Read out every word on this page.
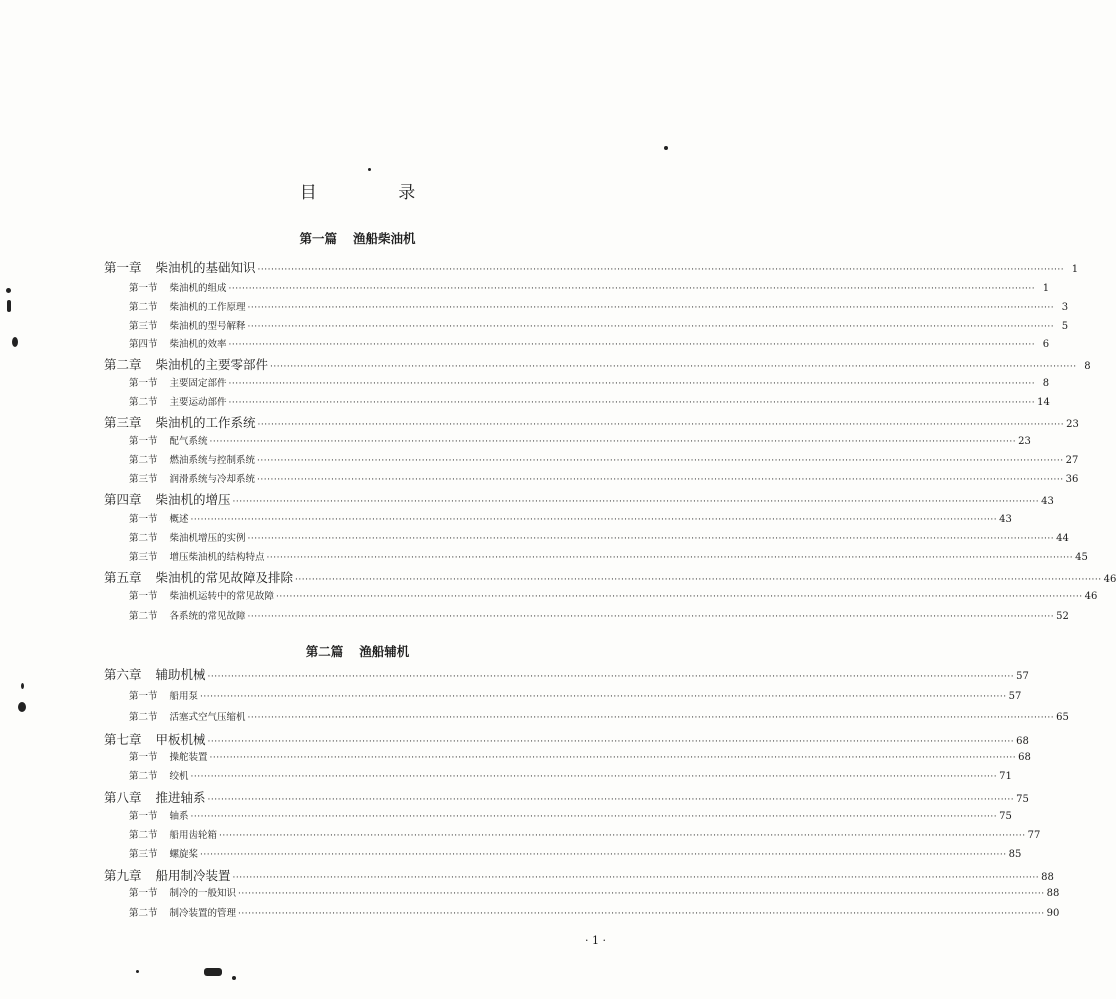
目 录
第一篇 渔船柴油机
第二篇 渔船辅机
第一章 柴油机的基础知识 ················································································································································································································································ 1
第一节 柴油机的组成 ················································································································································································································································ 1
第二节 柴油机的工作原理 ················································································································································································································································ 3
第三节 柴油机的型号解释 ················································································································································································································································ 5
第四节 柴油机的效率 ················································································································································································································································ 6
第二章 柴油机的主要零部件 ················································································································································································································································ 8
第一节 主要固定部件 ················································································································································································································································ 8
第二节 主要运动部件 ················································································································································································································································ 14
第三章 柴油机的工作系统 ················································································································································································································································ 23
第一节 配气系统 ················································································································································································································································ 23
第二节 燃油系统与控制系统 ················································································································································································································································ 27
第三节 润滑系统与冷却系统 ················································································································································································································································ 36
第四章 柴油机的增压 ················································································································································································································································ 43
第一节 概述 ················································································································································································································································ 43
第二节 柴油机增压的实例 ················································································································································································································································ 44
第三节 增压柴油机的结构特点 ················································································································································································································································ 45
第五章 柴油机的常见故障及排除 ················································································································································································································································ 46
第一节 柴油机运转中的常见故障 ················································································································································································································································ 46
第二节 各系统的常见故障 ················································································································································································································································ 52
第六章 辅助机械 ················································································································································································································································ 57
第一节 船用泵 ················································································································································································································································ 57
第二节 活塞式空气压缩机 ················································································································································································································································ 65
第七章 甲板机械 ················································································································································································································································ 68
第一节 操舵装置 ················································································································································································································································ 68
第二节 绞机 ················································································································································································································································ 71
第八章 推进轴系 ················································································································································································································································ 75
第一节 轴系 ················································································································································································································································ 75
第二节 船用齿轮箱 ················································································································································································································································ 77
第三节 螺旋桨 ················································································································································································································································ 85
第九章 船用制冷装置 ················································································································································································································································ 88
第一节 制冷的一般知识 ················································································································································································································································ 88
第二节 制冷装置的管理 ················································································································································································································································ 90
· 1 ·
